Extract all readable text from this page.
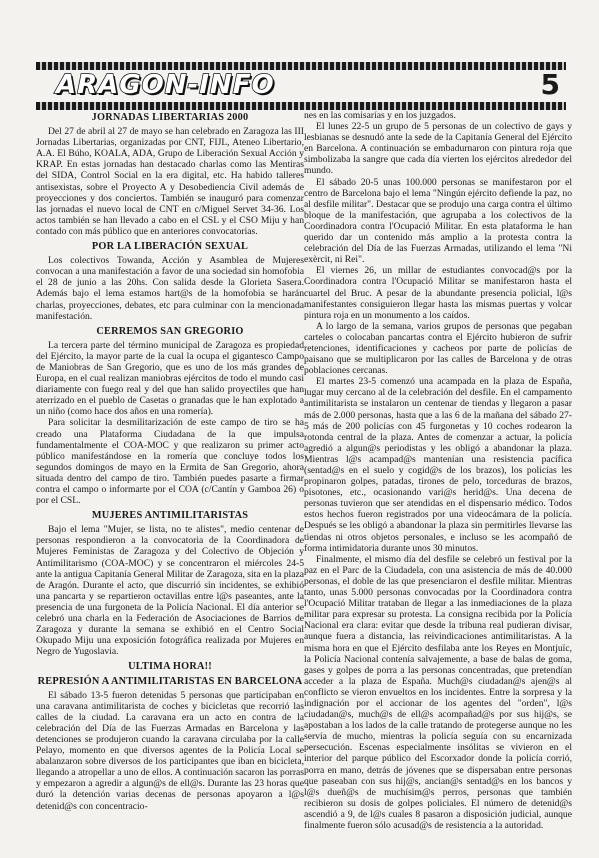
ARAGON-INFO	5
JORNADAS LIBERTARIAS 2000

Del 27 de abril al 27 de mayo se han celebrado en Zaragoza las III Jornadas Libertarias, organizadas por CNT, FIJL, Ateneo Libertario, A.A. El Búho, KOALA, ADA, Grupo de Liberación Sexual Acción y KRAP. En estas jornadas han destacado charlas como las Mentiras del SIDA, Control Social en la era digital, etc. Ha habido talleres antisexistas, sobre el Proyecto A y Desobediencia Civil además de proyecciones y dos conciertos. También se inauguró para comenzar las jornadas el nuevo local de CNT en c/Miguel Servet 34-36. Los actos también se han llevado a cabo en el CSL y el CSO Miju y han contado con más público que en anteriores convocatorias.

POR LA LIBERACIÓN SEXUAL

Los colectivos Towanda, Acción y Asamblea de Mujeres convocan a una manifestación a favor de una sociedad sin homofobia el 28 de junio a las 20hs. Con salida desde la Glorieta Sasera. Además bajo el lema estamos hart@s de la homofobia se harán charlas, proyecciones, debates, etc para culminar con la mencionada manifestación.

CERREMOS SAN GREGORIO

La tercera parte del término municipal de Zaragoza es propiedad del Ejército, la mayor parte de la cual la ocupa el gigantesco Campo de Maniobras de San Gregorio, que es uno de los más grandes de Europa, en el cual realizan maniobras ejércitos de todo el mundo casi diariamente con fuego real y del que han salido proyectiles que han aterrizado en el pueblo de Casetas o granadas que le han explotado a un niño (como hace dos años en una romería).

Para solicitar la desmilitarización de este campo de tiro se ha creado una Plataforma Ciudadana de la que impulsa fundamentalmente el COA-MOC y que realizaron su primer acto público manifestándose en la romería que concluye todos los segundos domingos de mayo en la Ermita de San Gregorio, ahora situada dentro del campo de tiro. También puedes pasarte a firmar contra el campo o informarte por el COA (c/Cantín y Gamboa 26) o por el CSL.

MUJERES ANTIMILITARISTAS

Bajo el lema "Mujer, se lista, no te alistes", medio centenar de personas respondieron a la convocatoria de la Coordinadora de Mujeres Feministas de Zaragoza y del Colectivo de Objeción y Antimilitarismo (COA-MOC) y se concentraron el miércoles 24-5 ante la antigua Capitanía General Militar de Zaragoza, sita en la plaza de Aragón. Durante el acto, que discurrió sin incidentes, se exhibió una pancarta y se repartieron octavillas entre l@s paseantes, ante la presencia de una furgoneta de la Policía Nacional. El día anterior se celebró una charla en la Federación de Asociaciones de Barrios de Zaragoza y durante la semana se exhibió en el Centro Social Okupado Miju una exposición fotográfica realizada por Mujeres en Negro de Yugoslavia.

ULTIMA HORA!!
REPRESIÓN A ANTIMILITARISTAS EN BARCELONA

El sábado 13-5 fueron detenidas 5 personas que participaban en una caravana antimilitarista de coches y bicicletas que recorrió las calles de la ciudad. La caravana era un acto en contra de la celebración del Día de las Fuerzas Armadas en Barcelona y las detenciones se produjeron cuando la caravana circulaba por la calle Pelayo, momento en que diversos agentes de la Policía Local se abalanzaron sobre diversos de los participantes que iban en bicicleta, llegando a atropellar a uno de ellos. A continuación sacaron las porras y empezaron a agredir a algun@s de ell@s. Durante las 23 horas que duró la detención varias decenas de personas apoyaron a l@s detenid@s con concentracio-

nes en las comisarías y en los juzgados.

El lunes 22-5 un grupo de 5 personas de un colectivo de gays y lesbianas se desnudó ante la sede de la Capitanía General del Ejército en Barcelona. A continuación se embadurnaron con pintura roja que simbolizaba la sangre que cada día vierten los ejércitos alrededor del mundo.

El sábado 20-5 unas 100.000 personas se manifestaron por el centro de Barcelona bajo el lema "Ningún ejército defiende la paz, no al desfile militar". Destacar que se produjo una carga contra el último bloque de la manifestación, que agrupaba a los colectivos de la Coordinadora contra l'Ocupació Militar. En esta plataforma le han querido dar un contenido más amplio a la protesta contra la celebración del Día de las Fuerzas Armadas, utilizando el lema "Ni exèrcit, ni Rei".

El viernes 26, un millar de estudiantes convocad@s por la Coordinadora contra l'Ocupació Militar se manifestaron hasta el cuartel del Bruc. A pesar de la abundante presencia policial, l@s manifestantes consiguieron llegar hasta las mismas puertas y volcar pintura roja en un monumento a los caídos.

A lo largo de la semana, varios grupos de personas que pegaban carteles o colocaban pancartas contra el Ejército hubieron de sufrir retenciones, identificaciones y cacheos por parte de policías de paisano que se multiplicaron por las calles de Barcelona y de otras poblaciones cercanas.

El martes 23-5 comenzó una acampada en la plaza de España, lugar muy cercano al de la celebración del desfile. En el campamento antimilitarista se instalaron un centenar de tiendas y llegaron a pasar más de 2.000 personas, hasta que a las 6 de la mañana del sábado 27-5 más de 200 policías con 45 furgonetas y 10 coches rodearon la rotonda central de la plaza. Antes de comenzar a actuar, la policía agredió a algun@s periodistas y les obligó a abandonar la plaza. Mientras l@s acampad@s mantenían una resistencia pacífica (sentad@s en el suelo y cogid@s de los brazos), los policías les propinaron golpes, patadas, tirones de pelo, torceduras de brazos, pisotones, etc., ocasionando vari@s herid@s. Una decena de personas tuvieron que ser atendidas en el dispensario médico. Todos estos hechos fueron registrados por una videocámara de la policía. Después se les obligó a abandonar la plaza sin permitirles llevarse las tiendas ni otros objetos personales, e incluso se les acompañó de forma intimidatoria durante unos 30 minutos.

Finalmente, el mismo día del desfile se celebró un festival por la paz en el Parc de la Ciudadela, con una asistencia de más de 40.000 personas, el doble de las que presenciaron el desfile militar. Mientras tanto, unas 5.000 personas convocadas por la Coordinadora contra l'Ocupació Militar trataban de llegar a las inmediaciones de la plaza militar para expresar su protesta. La consigna recibida por la Policía Nacional era clara: evitar que desde la tribuna real pudieran divisar, aunque fuera a distancia, las reivindicaciones antimilitaristas. A la misma hora en que el Ejército desfilaba ante los Reyes en Montjuïc, la Policía Nacional contenía salvajemente, a base de balas de goma, gases y golpes de porra a las personas concentradas, que pretendían acceder a la plaza de España. Much@s ciudadan@s ajen@s al conflicto se vieron envueltos en los incidentes. Entre la sorpresa y la indignación por el accionar de los agentes del "orden", l@s ciudadan@s, much@s de ell@s acompañad@s por sus hij@s, se apostaban a los lados de la calle tratando de protegerse aunque no les servía de mucho, mientras la policía seguía con su encarnizada persecución. Escenas especialmente insólitas se vivieron en el interior del parque público del Escorxador donde la policía corrió, porra en mano, detrás de jóvenes que se dispersaban entre personas que paseaban con sus hij@s, ancian@s sentad@s en los bancos y l@s dueñ@s de muchísim@s perros, personas que también recibieron su dosis de golpes policiales. El número de detenid@s ascendió a 9, de l@s cuales 8 pasaron a disposición judicial, aunque finalmente fueron sólo acusad@s de resistencia a la autoridad.
